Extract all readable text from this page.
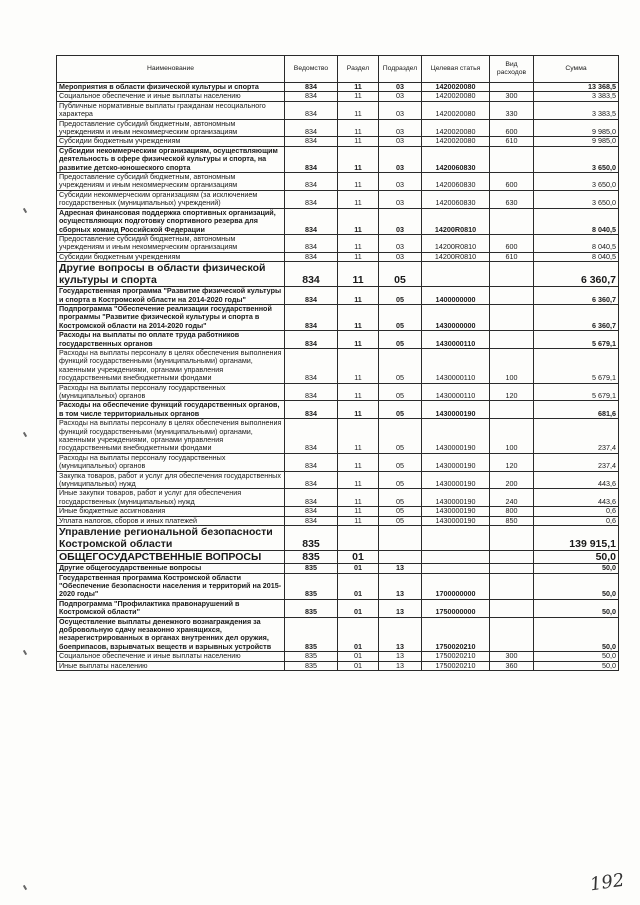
Наименование	Ведомство	Раздел	Подраздел	Целевая статья	Вид расходов	Сумма
Мероприятия в области физической культуры и спорта	834	11	03	1420020080		13 368,5
Социальное обеспечение и иные выплаты населению	834	11	03	1420020080	300	3 383,5
Публичные нормативные выплаты гражданам несоциального характера	834	11	03	1420020080	330	3 383,5
Предоставление субсидий бюджетным, автономным учреждениям и иным некоммерческим организациям	834	11	03	1420020080	600	9 985,0
Субсидии бюджетным учреждениям	834	11	03	1420020080	610	9 985,0
Субсидии некоммерческим организациям, осуществляющим деятельность в сфере физической культуры и спорта, на развитие детско-юношеского спорта	834	11	03	1420060830		3 650,0
Предоставление субсидий бюджетным, автономным учреждениям и иным некоммерческим организациям	834	11	03	1420060830	600	3 650,0
Субсидии некоммерческим организациям (за исключением государственных (муниципальных) учреждений)	834	11	03	1420060830	630	3 650,0
Адресная финансовая поддержка спортивных организаций, осуществляющих подготовку спортивного резерва для сборных команд Российской Федерации	834	11	03	14200R0810		8 040,5
Предоставление субсидий бюджетным, автономным учреждениям и иным некоммерческим организациям	834	11	03	14200R0810	600	8 040,5
Субсидии бюджетным учреждениям	834	11	03	14200R0810	610	8 040,5
Другие вопросы в области физической культуры и спорта	834	11	05			6 360,7
Государственная программа "Развитие физической культуры и спорта в Костромской области на 2014-2020 годы"	834	11	05	1400000000		6 360,7
Подпрограмма "Обеспечение реализации государственной программы "Развитие физической культуры и спорта в Костромской области на 2014-2020 годы"	834	11	05	1430000000		6 360,7
Расходы на выплаты по оплате труда работников государственных органов	834	11	05	1430000110		5 679,1
Расходы на выплаты персоналу в целях обеспечения выполнения функций государственными (муниципальными) органами, казенными учреждениями, органами управления государственными внебюджетными фондами	834	11	05	1430000110	100	5 679,1
Расходы на выплаты персоналу государственных (муниципальных) органов	834	11	05	1430000110	120	5 679,1
Расходы на обеспечение функций государственных органов, в том числе территориальных органов	834	11	05	1430000190		681,6
Расходы на выплаты персоналу в целях обеспечения выполнения функций государственными (муниципальными) органами, казенными учреждениями, органами управления государственными внебюджетными фондами	834	11	05	1430000190	100	237,4
Расходы на выплаты персоналу государственных (муниципальных) органов	834	11	05	1430000190	120	237,4
Закупка товаров, работ и услуг для обеспечения государственных (муниципальных) нужд	834	11	05	1430000190	200	443,6
Иные закупки товаров, работ и услуг для обеспечения государственных (муниципальных) нужд	834	11	05	1430000190	240	443,6
Иные бюджетные ассигнования	834	11	05	1430000190	800	0,6
Уплата налогов, сборов и иных платежей	834	11	05	1430000190	850	0,6
Управление региональной безопасности Костромской области	835					139 915,1
ОБЩЕГОСУДАРСТВЕННЫЕ ВОПРОСЫ	835	01				50,0
Другие общегосударственные вопросы	835	01	13			50,0
Государственная программа Костромской области "Обеспечение безопасности населения и территорий на 2015-2020 годы"	835	01	13	1700000000		50,0
Подпрограмма "Профилактика правонарушений в Костромской области"	835	01	13	1750000000		50,0
Осуществление выплаты денежного вознаграждения за добровольную сдачу незаконно хранящихся, незарегистрированных в органах внутренних дел оружия, боеприпасов, взрывчатых веществ и взрывных устройств	835	01	13	1750020210		50,0
Социальное обеспечение и иные выплаты населению	835	01	13	1750020210	300	50,0
Иные выплаты населению	835	01	13	1750020210	360	50,0
192
